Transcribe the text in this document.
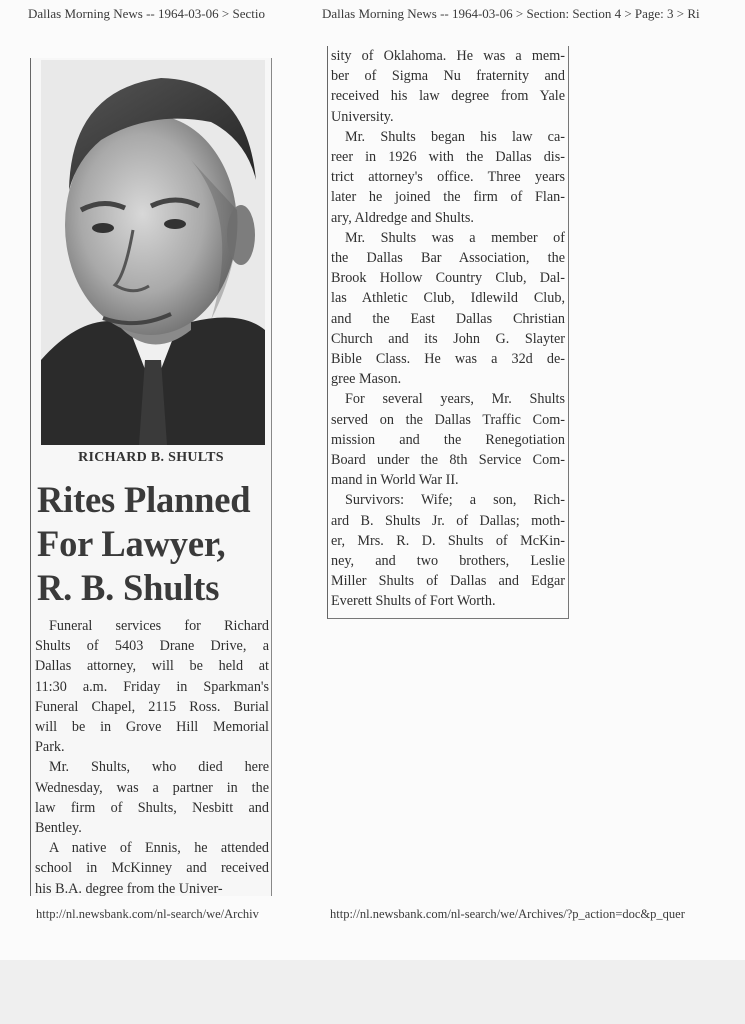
Dallas Morning News -- 1964-03-06 > Sectio	Dallas Morning News -- 1964-03-06 > Section: Section 4 > Page: 3 > Ri
RICHARD B. SHULTS
Rites Planned
For Lawyer,
R. B. Shults
Funeral services for Richard
Shults of 5403 Drane Drive, a
Dallas attorney, will be held at
11:30 a.m. Friday in Sparkman's
Funeral Chapel, 2115 Ross. Burial
will be in Grove Hill Memorial
Park.
Mr. Shults, who died here
Wednesday, was a partner in the
law firm of Shults, Nesbitt and
Bentley.
A native of Ennis, he attended
school in McKinney and received
his B.A. degree from the Univer-
sity of Oklahoma. He was a mem-
ber of Sigma Nu fraternity and
received his law degree from Yale
University.
Mr. Shults began his law ca-
reer in 1926 with the Dallas dis-
trict attorney's office. Three years
later he joined the firm of Flan-
ary, Aldredge and Shults.
Mr. Shults was a member of
the Dallas Bar Association, the
Brook Hollow Country Club, Dal-
las Athletic Club, Idlewild Club,
and the East Dallas Christian
Church and its John G. Slayter
Bible Class. He was a 32d de-
gree Mason.
For several years, Mr. Shults
served on the Dallas Traffic Com-
mission and the Renegotiation
Board under the 8th Service Com-
mand in World War II.
Survivors: Wife; a son, Rich-
ard B. Shults Jr. of Dallas; moth-
er, Mrs. R. D. Shults of McKin-
ney, and two brothers, Leslie
Miller Shults of Dallas and Edgar
Everett Shults of Fort Worth.
http://nl.newsbank.com/nl-search/we/Archiv	http://nl.newsbank.com/nl-search/we/Archives/?p_action=doc&p_quer
